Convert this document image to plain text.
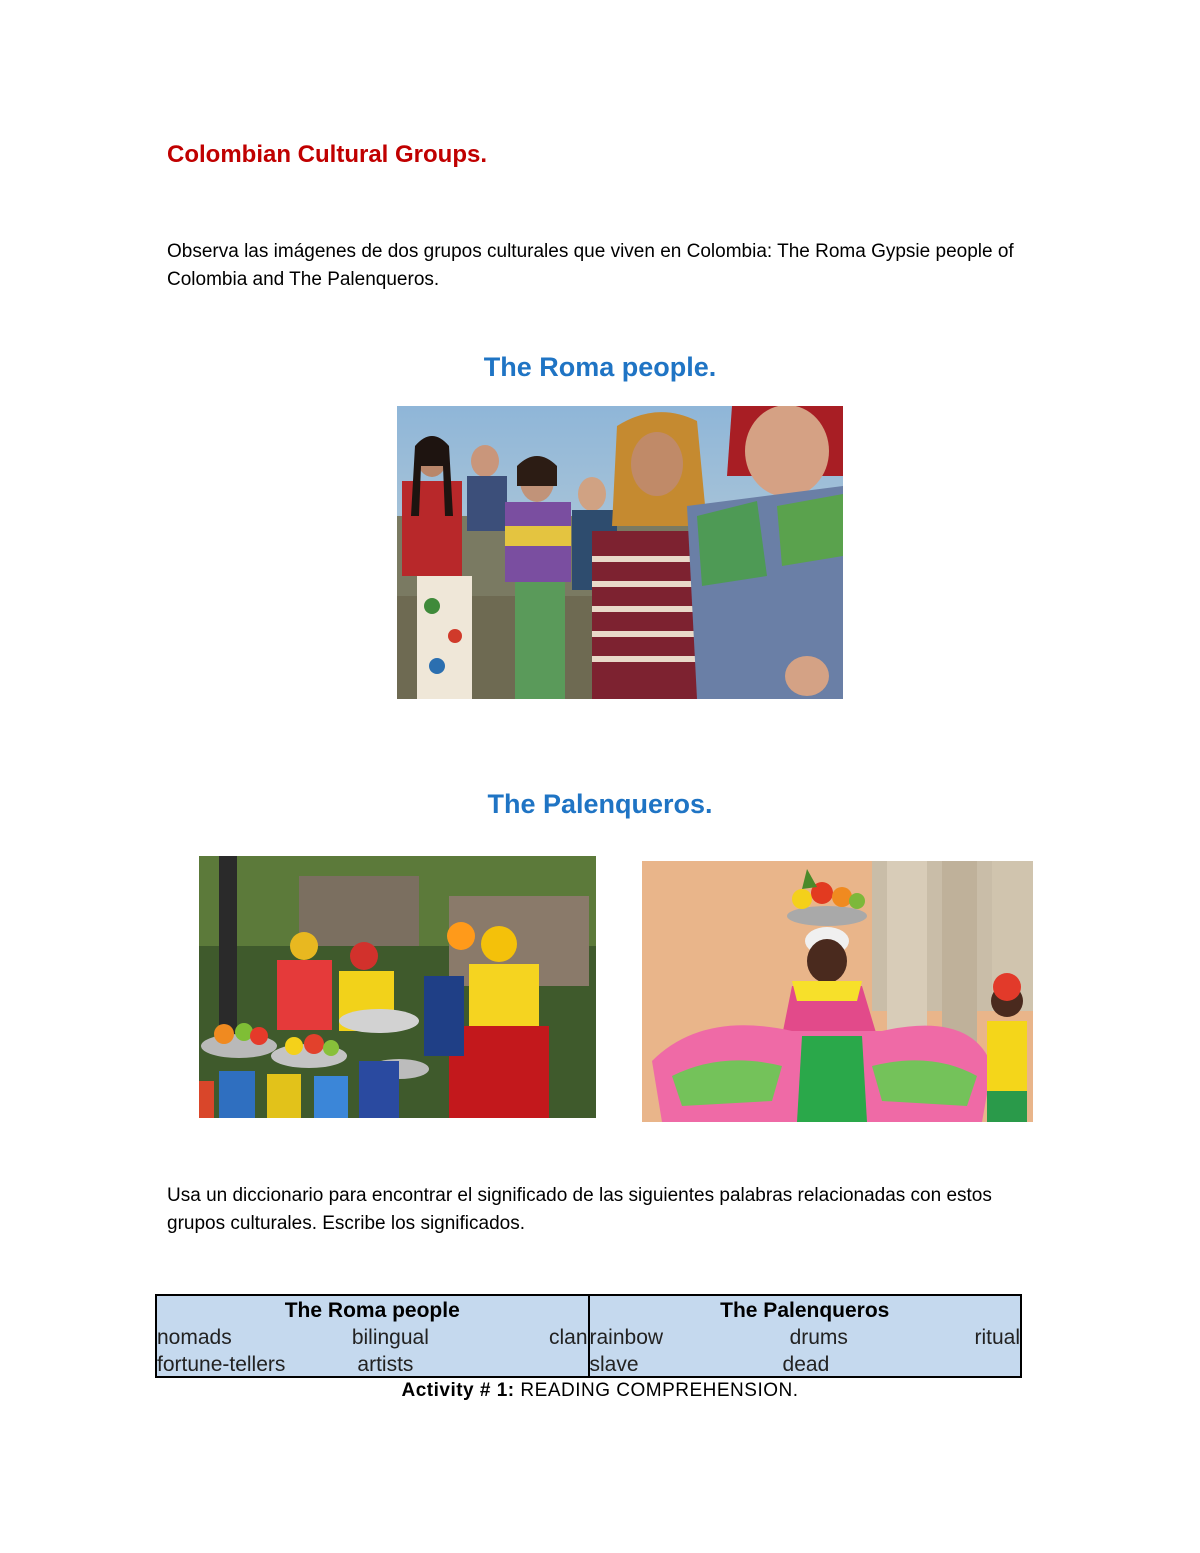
Colombian Cultural Groups.
Observa las imágenes de dos grupos culturales que viven en Colombia: The Roma Gypsie people of Colombia and The Palenqueros.
The Roma people.
The Palenqueros.
Usa un diccionario para encontrar el significado de las siguientes palabras relacionadas con estos grupos culturales. Escribe los significados.
The Roma people
nomads	bilingual	clan
fortune-tellers	artists
The Palenqueros
rainbow	drums	ritual
slave	dead
Activity # 1: READING COMPREHENSION.
